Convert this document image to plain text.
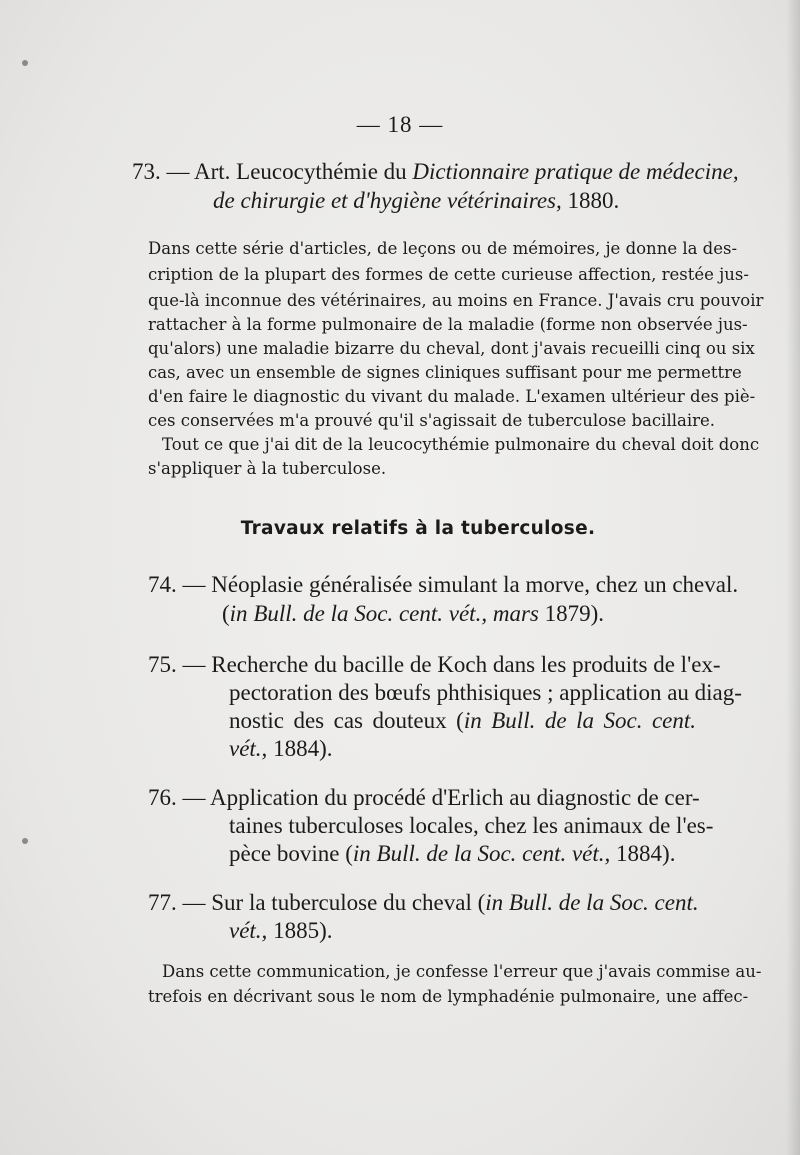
— 18 —

73. — Art. Leucocythémie du Dictionnaire pratique de médecine,

de chirurgie et d'hygiène vétérinaires, 1880.

Dans cette série d'articles, de leçons ou de mémoires, je donne la des-

cription de la plupart des formes de cette curieuse affection, restée jus-

que-là inconnue des vétérinaires, au moins en France. J'avais cru pouvoir

rattacher à la forme pulmonaire de la maladie (forme non observée jus-

qu'alors) une maladie bizarre du cheval, dont j'avais recueilli cinq ou six

cas, avec un ensemble de signes cliniques suffisant pour me permettre

d'en faire le diagnostic du vivant du malade. L'examen ultérieur des piè-

ces conservées m'a prouvé qu'il s'agissait de tuberculose bacillaire.

Tout ce que j'ai dit de la leucocythémie pulmonaire du cheval doit donc

s'appliquer à la tuberculose.

Travaux relatifs à la tuberculose.

74. — Néoplasie généralisée simulant la morve, chez un cheval.

(in Bull. de la Soc. cent. vét., mars 1879).

75. — Recherche du bacille de Koch dans les produits de l'ex-

pectoration des bœufs phthisiques ; application au diag-

nostic des cas douteux (in Bull. de la Soc. cent.

vét., 1884).

76. — Application du procédé d'Erlich au diagnostic de cer-

taines tuberculoses locales, chez les animaux de l'es-

pèce bovine (in Bull. de la Soc. cent. vét., 1884).

77. — Sur la tuberculose du cheval (in Bull. de la Soc. cent.

vét., 1885).

Dans cette communication, je confesse l'erreur que j'avais commise au-

trefois en décrivant sous le nom de lymphadénie pulmonaire, une affec-
